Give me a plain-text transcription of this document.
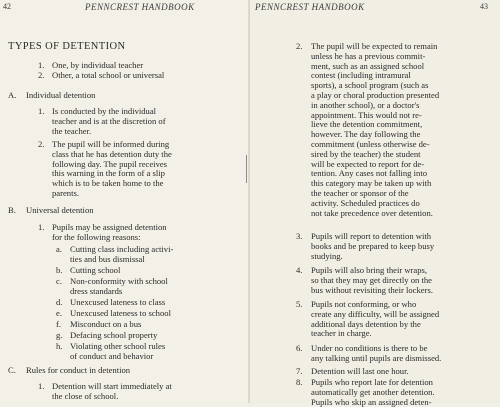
42	PENNCREST HANDBOOK
TYPES OF DETENTION
1. One, by individual teacher
2. Other, a total school or universal
A. Individual detention
1. Is conducted by the individual
teacher and is at the discretion of
the teacher.
2. The pupil will be informed during
class that he has detention duty the
following day. The pupil receives
this warning in the form of a slip
which is to be taken home to the
parents.
B. Universal detention
1. Pupils may be assigned detention
for the following reasons:
a. Cutting class including activi-
ties and bus dismissal
b. Cutting school
c. Non-conformity with school
dress standards
d. Unexcused lateness to class
e. Unexcused lateness to school
f. Misconduct on a bus
g. Defacing school property
h. Violating other school rules
of conduct and behavior
C. Rules for conduct in detention
1. Detention will start immediately at
the close of school.
PENNCREST HANDBOOK	43
2. The pupil will be expected to remain
unless he has a previous commit-
ment, such as an assigned school
contest (including intramural
sports), a school program (such as
a play or choral production presented
in another school), or a doctor's
appointment. This would not re-
lieve the detention commitment,
however. The day following the
commitment (unless otherwise de-
sired by the teacher) the student
will be expected to report for de-
tention. Any cases not falling into
this category may be taken up with
the teacher or sponsor of the
activity. Scheduled practices do
not take precedence over detention.
3. Pupils will report to detention with
books and be prepared to keep busy
studying.
4. Pupils will also bring their wraps,
so that they may get directly on the
bus without revisiting their lockers.
5. Pupils not conforming, or who
create any difficulty, will be assigned
additional days detention by the
teacher in charge.
6. Under no conditions is there to be
any talking until pupils are dismissed.
7. Detention will last one hour.
8. Pupils who report late for detention
automatically get another detention.
Pupils who skip an assigned deten-
